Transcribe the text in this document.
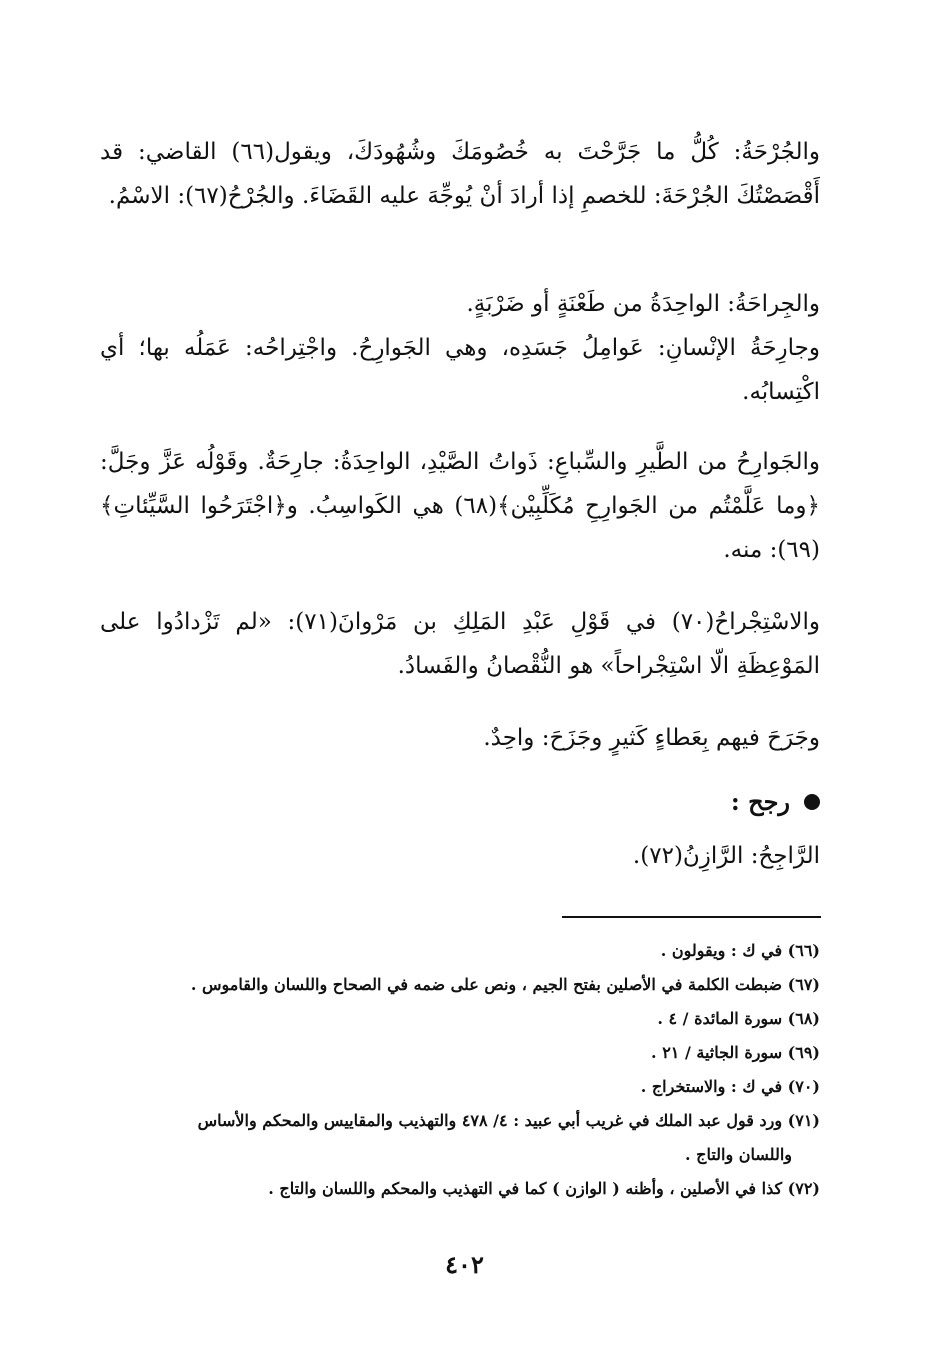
والجُرْحَةُ: كُلُّ ما جَرَّحْتَ به خُصُومَكَ وشُهُودَكَ، ويقول(٦٦) القاضي: قد أَقْصَصْتُكَ الجُرْحَةَ: للخصمِ إذا أرادَ أنْ يُوجِّهَ عليه القَضَاءَ. والجُرْحُ(٦٧): الاسْمُ.

والجِراحَةُ: الواحِدَةُ من طَعْنَةٍ أو ضَرْبَةٍ.

وجارِحَةُ الإنْسانِ: عَوامِلُ جَسَدِه، وهي الجَوارِحُ. واجْتِراحُه: عَمَلُه بها؛ أي اكْتِسابُه.

والجَوارِحُ من الطَّيرِ والسِّباعِ: ذَواتُ الصَّيْدِ، الواحِدَةُ: جارِحَةٌ. وقَوْلُه عَزَّ وجَلَّ: ﴿وما عَلَّمْتُم من الجَوارِحِ مُكَلِّبِيْن﴾(٦٨) هي الكَواسِبُ. و﴿اجْتَرَحُوا السَّيِّئاتِ﴾(٦٩): منه.

والاسْتِجْراحُ(٧٠) في قَوْلِ عَبْدِ المَلِكِ بن مَرْوانَ(٧١): «لم تَزْدادُوا على المَوْعِظَةِ الّا اسْتِجْراحاً» هو النُّقْصانُ والفَسادُ.

وجَرَحَ فيهم بِعَطاءٍ كَثيرٍ وجَزَحَ: واحِدٌ.

رجح :

الرَّاجِحُ: الرَّازِنُ(٧٢).

(٦٦) في ك : ويقولون .

(٦٧) ضبطت الكلمة في الأصلين بفتح الجيم ، ونص على ضمه في الصحاح واللسان والقاموس .

(٦٨) سورة المائدة / ٤ .

(٦٩) سورة الجاثية / ٢١ .

(٧٠) في ك : والاستخراج .

(٧١) ورد قول عبد الملك في غريب أبي عبيد : ٤/ ٤٧٨ والتهذيب والمقاييس والمحكم والأساس

واللسان والتاج .

(٧٢) كذا في الأصلين ، وأظنه ( الوازن ) كما في التهذيب والمحكم واللسان والتاج .

٤٠٢
